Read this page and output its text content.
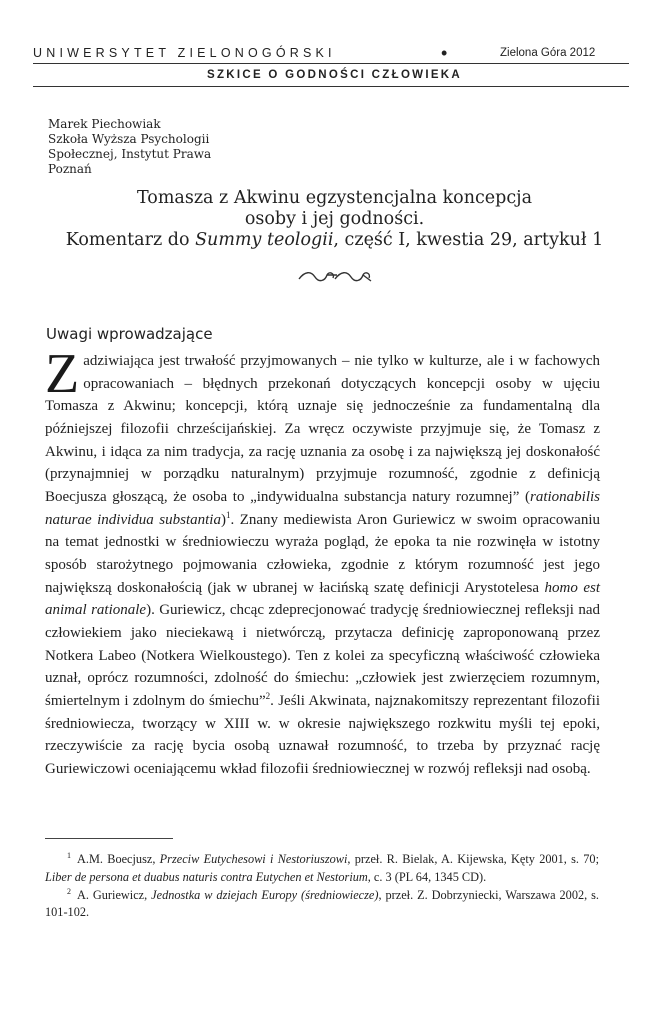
UNIWERSYTET ZIELONOGÓRSKI	•	Zielona Góra 2012
SZKICE O GODNOŚCI CZŁOWIEKA
Marek Piechowiak
Szkoła Wyższa Psychologii
Społecznej, Instytut Prawa
Poznań
Tomasza z Akwinu egzystencjalna koncepcja
osoby i jej godności.
Komentarz do Summy teologii, część I, kwestia 29, artykuł 1
Uwagi wprowadzające

Zadziwiająca jest trwałość przyjmowanych – nie tylko w kulturze, ale i w fachowych opracowaniach – błędnych przekonań dotyczących koncepcji osoby w ujęciu Tomasza z Akwinu; koncepcji, którą uznaje się jednocześnie za fundamentalną dla późniejszej filozofii chrześcijańskiej. Za wręcz oczywiste przyjmuje się, że Tomasz z Akwinu, i idąca za nim tradycja, za rację uznania za osobę i za największą jej doskonałość (przynajmniej w porządku naturalnym) przyjmuje rozumność, zgodnie z definicją Boecjusza głoszącą, że osoba to „indywidualna substancja natury rozumnej” (rationabilis naturae individua substantia)$^1$. Znany mediewista Aron Guriewicz w swoim opracowaniu na temat jednostki w średniowieczu wyraża pogląd, że epoka ta nie rozwinęła w istotny sposób starożytnego pojmowania człowieka, zgodnie z którym rozumność jest jego największą doskonałością (jak w ubranej w łacińską szatę definicji Arystotelesa homo est animal rationale). Guriewicz, chcąc zdeprecjonować tradycję średniowiecznej refleksji nad człowiekiem jako nieciekawą i nietwórczą, przytacza definicję zaproponowaną przez Notkera Labeo (Notkera Wielkoustego). Ten z kolei za specyficzną właściwość człowieka uznał, oprócz rozumności, zdolność do śmiechu: „człowiek jest zwierzęciem rozumnym, śmiertelnym i zdolnym do śmiechu”$^2$. Jeśli Akwinata, najznakomitszy reprezentant filozofii średniowiecza, tworzący w XIII w. w okresie największego rozkwitu myśli tej epoki, rzeczywiście za rację bycia osobą uznawał rozumność, to trzeba by przyznać rację Guriewiczowi oceniającemu wkład filozofii średniowiecznej w rozwój refleksji nad osobą.

$^1$ A.M. Boecjusz, Przeciw Eutychesowi i Nestoriuszowi, przeł. R. Bielak, A. Kijewska, Kęty 2001, s. 70; Liber de persona et duabus naturis contra Eutychen et Nestorium, c. 3 (PL 64, 1345 CD).

$^2$ A. Guriewicz, Jednostka w dziejach Europy (średniowiecze), przeł. Z. Dobrzyniecki, Warszawa 2002, s. 101-102.
